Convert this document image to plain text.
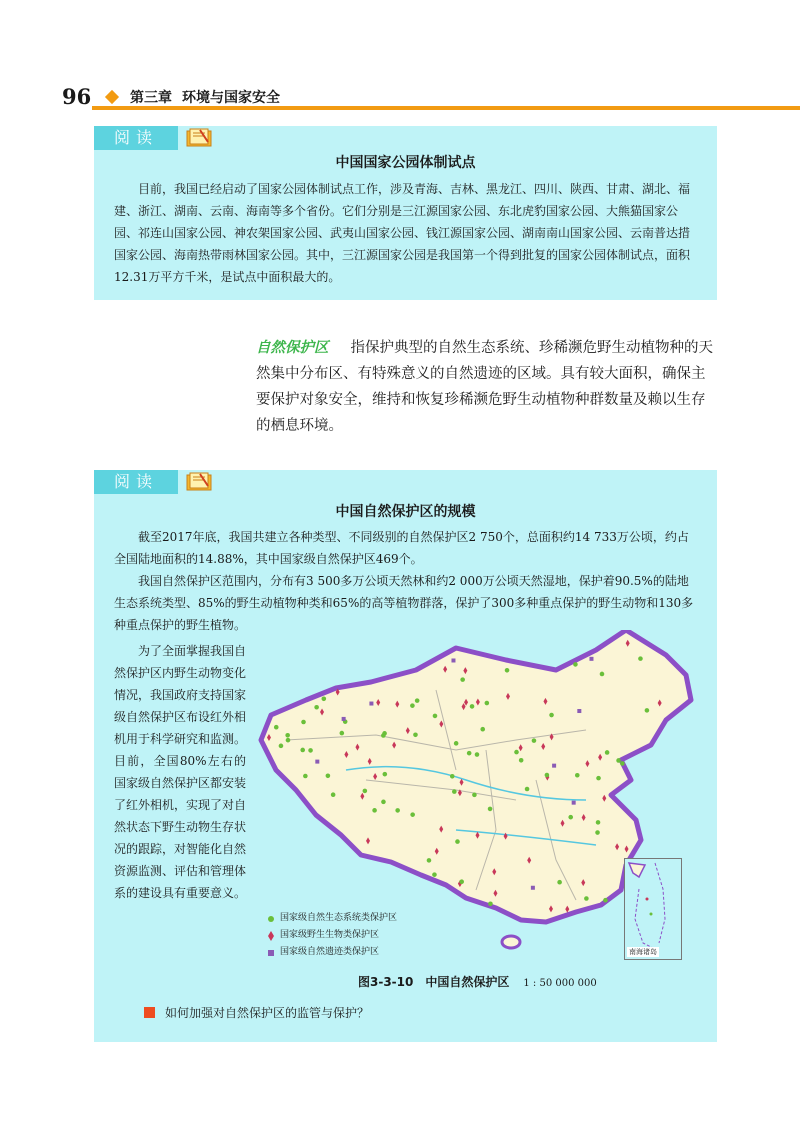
96	第三章 环境与国家安全
阅读
中国国家公园体制试点

目前，我国已经启动了国家公园体制试点工作，涉及青海、吉林、黑龙江、四川、陕西、甘肃、湖北、福建、浙江、湖南、云南、海南等多个省份。它们分别是三江源国家公园、东北虎豹国家公园、大熊猫国家公园、祁连山国家公园、神农架国家公园、武夷山国家公园、钱江源国家公园、湖南南山国家公园、云南普达措国家公园、海南热带雨林国家公园。其中，三江源国家公园是我国第一个得到批复的国家公园体制试点，面积12.31万平方千米，是试点中面积最大的。

自然保护区 指保护典型的自然生态系统、珍稀濒危野生动植物种的天然集中分布区、有特殊意义的自然遗迹的区域。具有较大面积，确保主要保护对象安全，维持和恢复珍稀濒危野生动植物种群数量及赖以生存的栖息环境。
阅读
中国自然保护区的规模

截至2017年底，我国共建立各种类型、不同级别的自然保护区2 750个，总面积约14 733万公顷，约占全国陆地面积的14.88%，其中国家级自然保护区469个。

我国自然保护区范围内，分布有3 500多万公顷天然林和约2 000万公顷天然湿地，保护着90.5%的陆地生态系统类型、85%的野生动植物种类和65%的高等植物群落，保护了300多种重点保护的野生动物和130多种重点保护的野生植物。

为了全面掌握我国自然保护区内野生动物变化情况，我国政府支持国家级自然保护区布设红外相机用于科学研究和监测。目前，全国80%左右的国家级自然保护区都安装了红外相机，实现了对自然状态下野生动物生存状况的跟踪，对智能化自然资源监测、评估和管理体系的建设具有重要意义。
南海诸岛
国家级自然生态系统类保护区
国家级野生生物类保护区
国家级自然遗迹类保护区
图3-3-10　中国自然保护区 1 : 50 000 000
如何加强对自然保护区的监管与保护？
